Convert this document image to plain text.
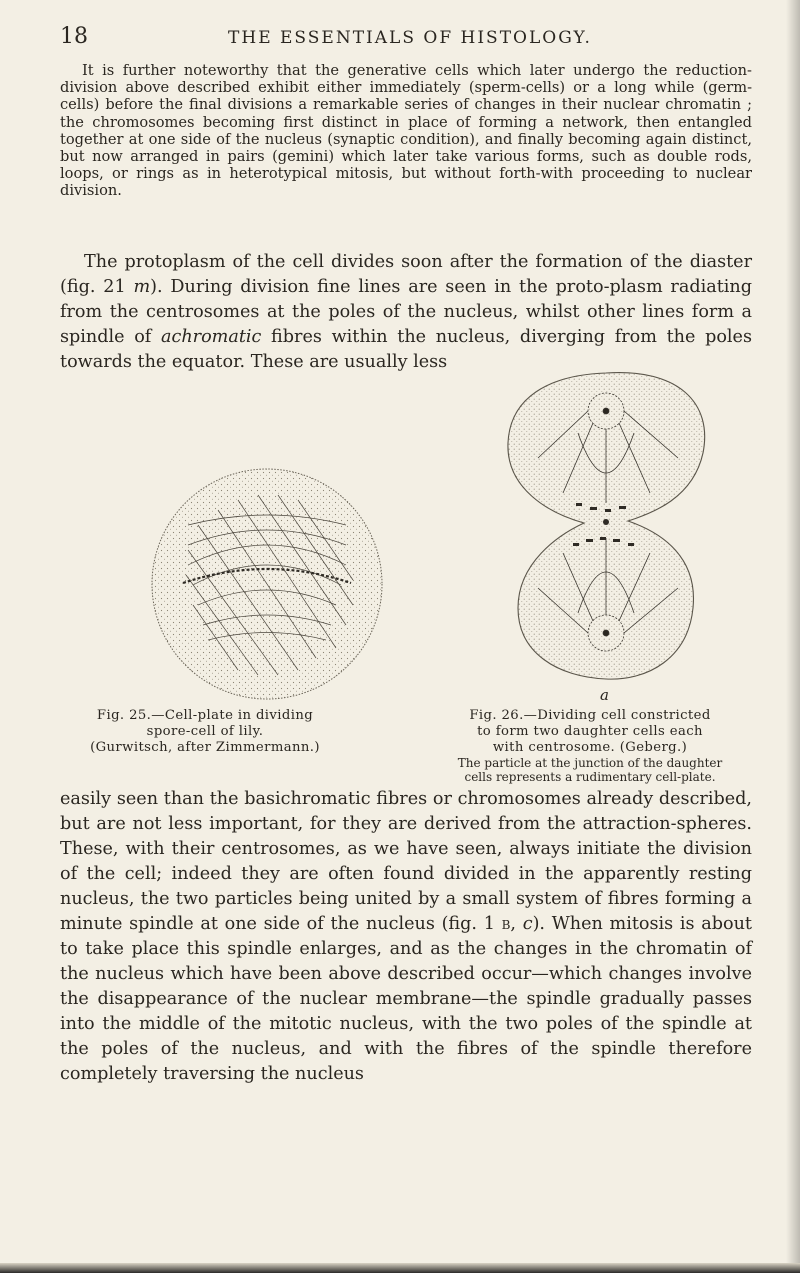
18	THE ESSENTIALS OF HISTOLOGY.

It is further noteworthy that the generative cells which later undergo the reduction-division above described exhibit either immediately (sperm-cells) or a long while (germ-cells) before the final divisions a remarkable series of changes in their nuclear chromatin ; the chromosomes becoming first distinct in place of forming a network, then entangled together at one side of the nucleus (synaptic condition), and finally becoming again distinct, but now arranged in pairs (gemini) which later take various forms, such as double rods, loops, or rings as in heterotypical mitosis, but without forth-with proceeding to nuclear division.

The protoplasm of the cell divides soon after the formation of the diaster (fig. 21 m). During division fine lines are seen in the proto-plasm radiating from the centrosomes at the poles of the nucleus, whilst other lines form a spindle of achromatic fibres within the nucleus, diverging from the poles towards the equator. These are usually less

a

Fig. 25.—Cell-plate in dividing
spore-cell of lily.
(Gurwitsch, after Zimmermann.)

Fig. 26.—Dividing cell constricted
to form two daughter cells each
with centrosome. (Geberg.)
The particle at the junction of the daughter
cells represents a rudimentary cell-plate.

easily seen than the basichromatic fibres or chromosomes already described, but are not less important, for they are derived from the attraction-spheres. These, with their centrosomes, as we have seen, always initiate the division of the cell; indeed they are often found divided in the apparently resting nucleus, the two particles being united by a small system of fibres forming a minute spindle at one side of the nucleus (fig. 1 b, c). When mitosis is about to take place this spindle enlarges, and as the changes in the chromatin of the nucleus which have been above described occur—which changes involve the disappearance of the nuclear membrane—the spindle gradually passes into the middle of the mitotic nucleus, with the two poles of the spindle at the poles of the nucleus, and with the fibres of the spindle therefore completely traversing the nucleus
